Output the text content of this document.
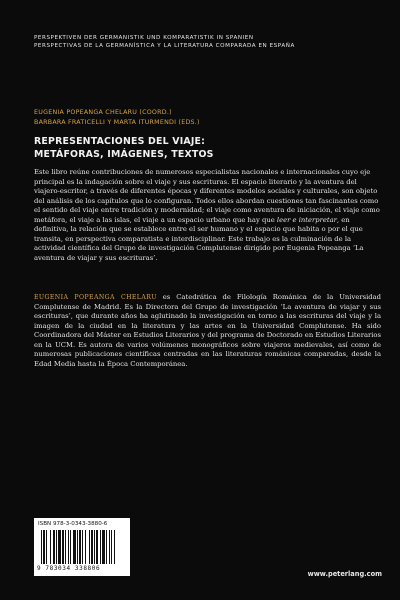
PERSPEKTIVEN DER GERMANISTIK UND KOMPARATISTIK IN SPANIEN
PERSPECTIVAS DE LA GERMANÍSTICA Y LA LITERATURA COMPARADA EN ESPAÑA
EUGENIA POPEANGA CHELARU (COORD.)
BARBARA FRATICELLI Y MARTA ITURMENDI (EDS.)
REPRESENTACIONES DEL VIAJE:
METÁFORAS, IMÁGENES, TEXTOS

Este libro reúne contribuciones de numerosos especialistas nacionales e internacionales cuyo eje principal es la indagación sobre el viaje y sus escrituras. El espacio literario y la aventura del viajero-escritor, a través de diferentes épocas y diferentes modelos sociales y culturales, son objeto del análisis de los capítulos que lo configuran. Todos ellos abordan cuestiones tan fascinantes como el sentido del viaje entre tradición y modernidad; el viaje como aventura de iniciación, el viaje como metáfora, el viaje a las islas, el viaje a un espacio urbano que hay que leer e interpretar, en definitiva, la relación que se establece entre el ser humano y el espacio que habita o por el que transita, en perspectiva comparatista e interdisciplinar. Este trabajo es la culminación de la actividad científica del Grupo de investigación Complutense dirigido por Eugenia Popeanga ‘La aventura de viajar y sus escrituras’.

EUGENIA POPEANGA CHELARU es Catedrática de Filología Románica de la Universidad Complutense de Madrid. Es la Directora del Grupo de investigación ‘La aventura de viajar y sus escrituras’, que durante años ha aglutinado la investigación en torno a las escrituras del viaje y la imagen de la ciudad en la literatura y las artes en la Universidad Complutense. Ha sido Coordinadora del Máster en Estudios Literarios y del programa de Doctorado en Estudios Literarios en la UCM. Es autora de varios volúmenes monográficos sobre viajeros medievales, así como de numerosas publicaciones científicas centradas en las literaturas románicas comparadas, desde la Edad Media hasta la Época Contemporánea.

ISBN 978-3-0343-3880-6
9 783034 338806
www.peterlang.com
